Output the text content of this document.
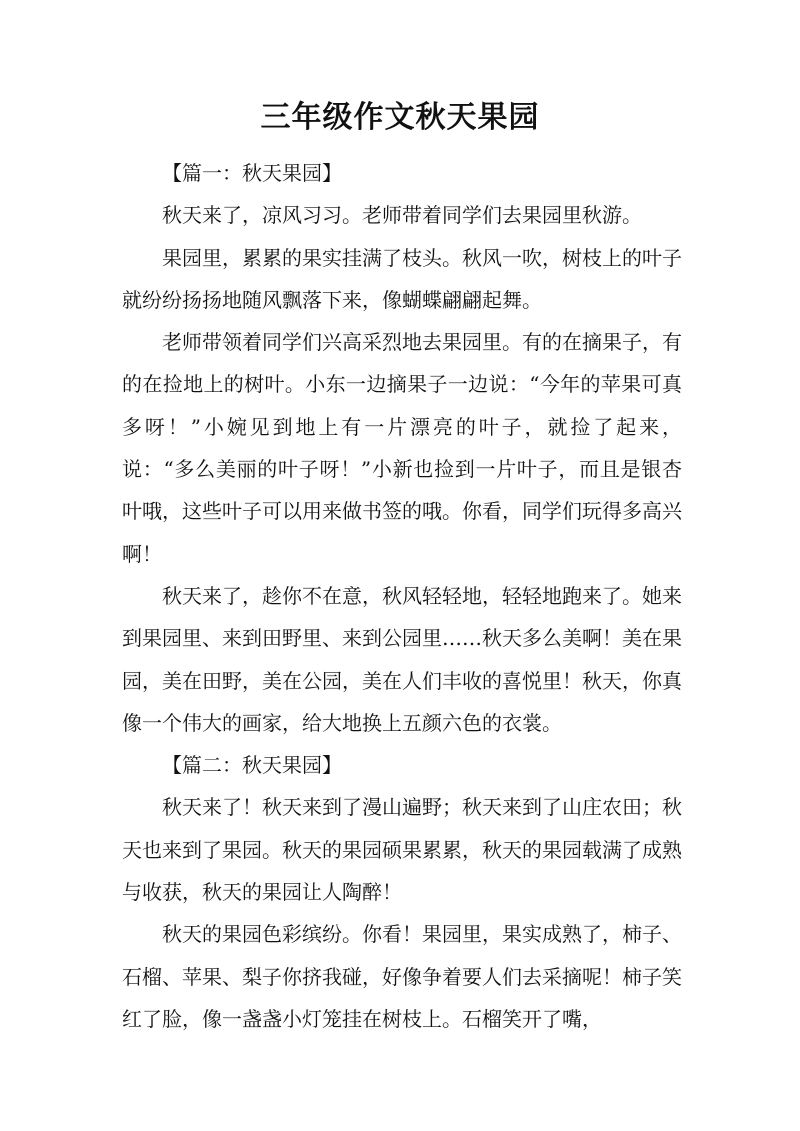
三年级作文秋天果园

【篇一：秋天果园】

秋天来了，凉风习习。老师带着同学们去果园里秋游。

果园里，累累的果实挂满了枝头。秋风一吹，树枝上的叶子就纷纷扬扬地随风飘落下来，像蝴蝶翩翩起舞。

老师带领着同学们兴高采烈地去果园里。有的在摘果子，有的在捡地上的树叶。小东一边摘果子一边说：“今年的苹果可真多呀！”小婉见到地上有一片漂亮的叶子，就捡了起来，说：“多么美丽的叶子呀！”小新也捡到一片叶子，而且是银杏叶哦，这些叶子可以用来做书签的哦。你看，同学们玩得多高兴啊！

秋天来了，趁你不在意，秋风轻轻地，轻轻地跑来了。她来到果园里、来到田野里、来到公园里……秋天多么美啊！美在果园，美在田野，美在公园，美在人们丰收的喜悦里！秋天，你真像一个伟大的画家，给大地换上五颜六色的衣裳。

【篇二：秋天果园】

秋天来了！秋天来到了漫山遍野；秋天来到了山庄农田；秋天也来到了果园。秋天的果园硕果累累，秋天的果园载满了成熟与收获，秋天的果园让人陶醉！

秋天的果园色彩缤纷。你看！果园里，果实成熟了，柿子、石榴、苹果、梨子你挤我碰，好像争着要人们去采摘呢！柿子笑红了脸，像一盏盏小灯笼挂在树枝上。石榴笑开了嘴，
